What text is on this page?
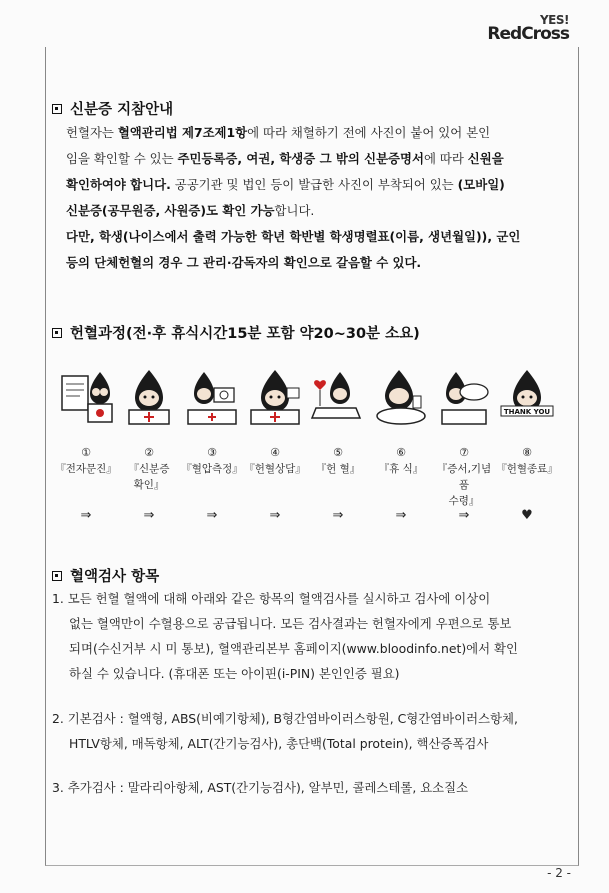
YES!
RedCross
신분증 지참안내
헌혈자는 혈액관리법 제7조제1항에 따라 채혈하기 전에 사진이 붙어 있어 본인
임을 확인할 수 있는 주민등록증, 여권, 학생증 그 밖의 신분증명서에 따라 신원을
확인하여야 합니다. 공공기관 및 법인 등이 발급한 사진이 부착되어 있는 (모바일)
신분증(공무원증, 사원증)도 확인 가능합니다.
다만, 학생(나이스에서 출력 가능한 학년 학반별 학생명렬표(이름, 생년월일)), 군인
등의 단체헌혈의 경우 그 관리·감독자의 확인으로 갈음할 수 있다.
헌혈과정(전·후 휴식시간15분 포함 약20~30분 소요)
①
『전자문진』
⇒
②
『신분증
확인』
⇒
③
『혈압측정』
⇒
④
『헌혈상담』
⇒
⑤
『헌 혈』
⇒
⑥
『휴 식』
⇒
⑦
『증서,기념품
수령』
⇒
THANK YOU
⑧
『헌혈종료』
♥
혈액검사 항목
1. 모든 헌혈 혈액에 대해 아래와 같은 항목의 혈액검사를 실시하고 검사에 이상이
없는 혈액만이 수혈용으로 공급됩니다. 모든 검사결과는 헌혈자에게 우편으로 통보
되며(수신거부 시 미 통보), 혈액관리본부 홈페이지(www.bloodinfo.net)에서 확인
하실 수 있습니다. (휴대폰 또는 아이핀(i-PIN) 본인인증 필요)
2. 기본검사 : 혈액형, ABS(비예기항체), B형간염바이러스항원, C형간염바이러스항체,
HTLV항체, 매독항체, ALT(간기능검사), 총단백(Total protein), 핵산증폭검사
3. 추가검사 : 말라리아항체, AST(간기능검사), 알부민, 콜레스테롤, 요소질소
- 2 -
